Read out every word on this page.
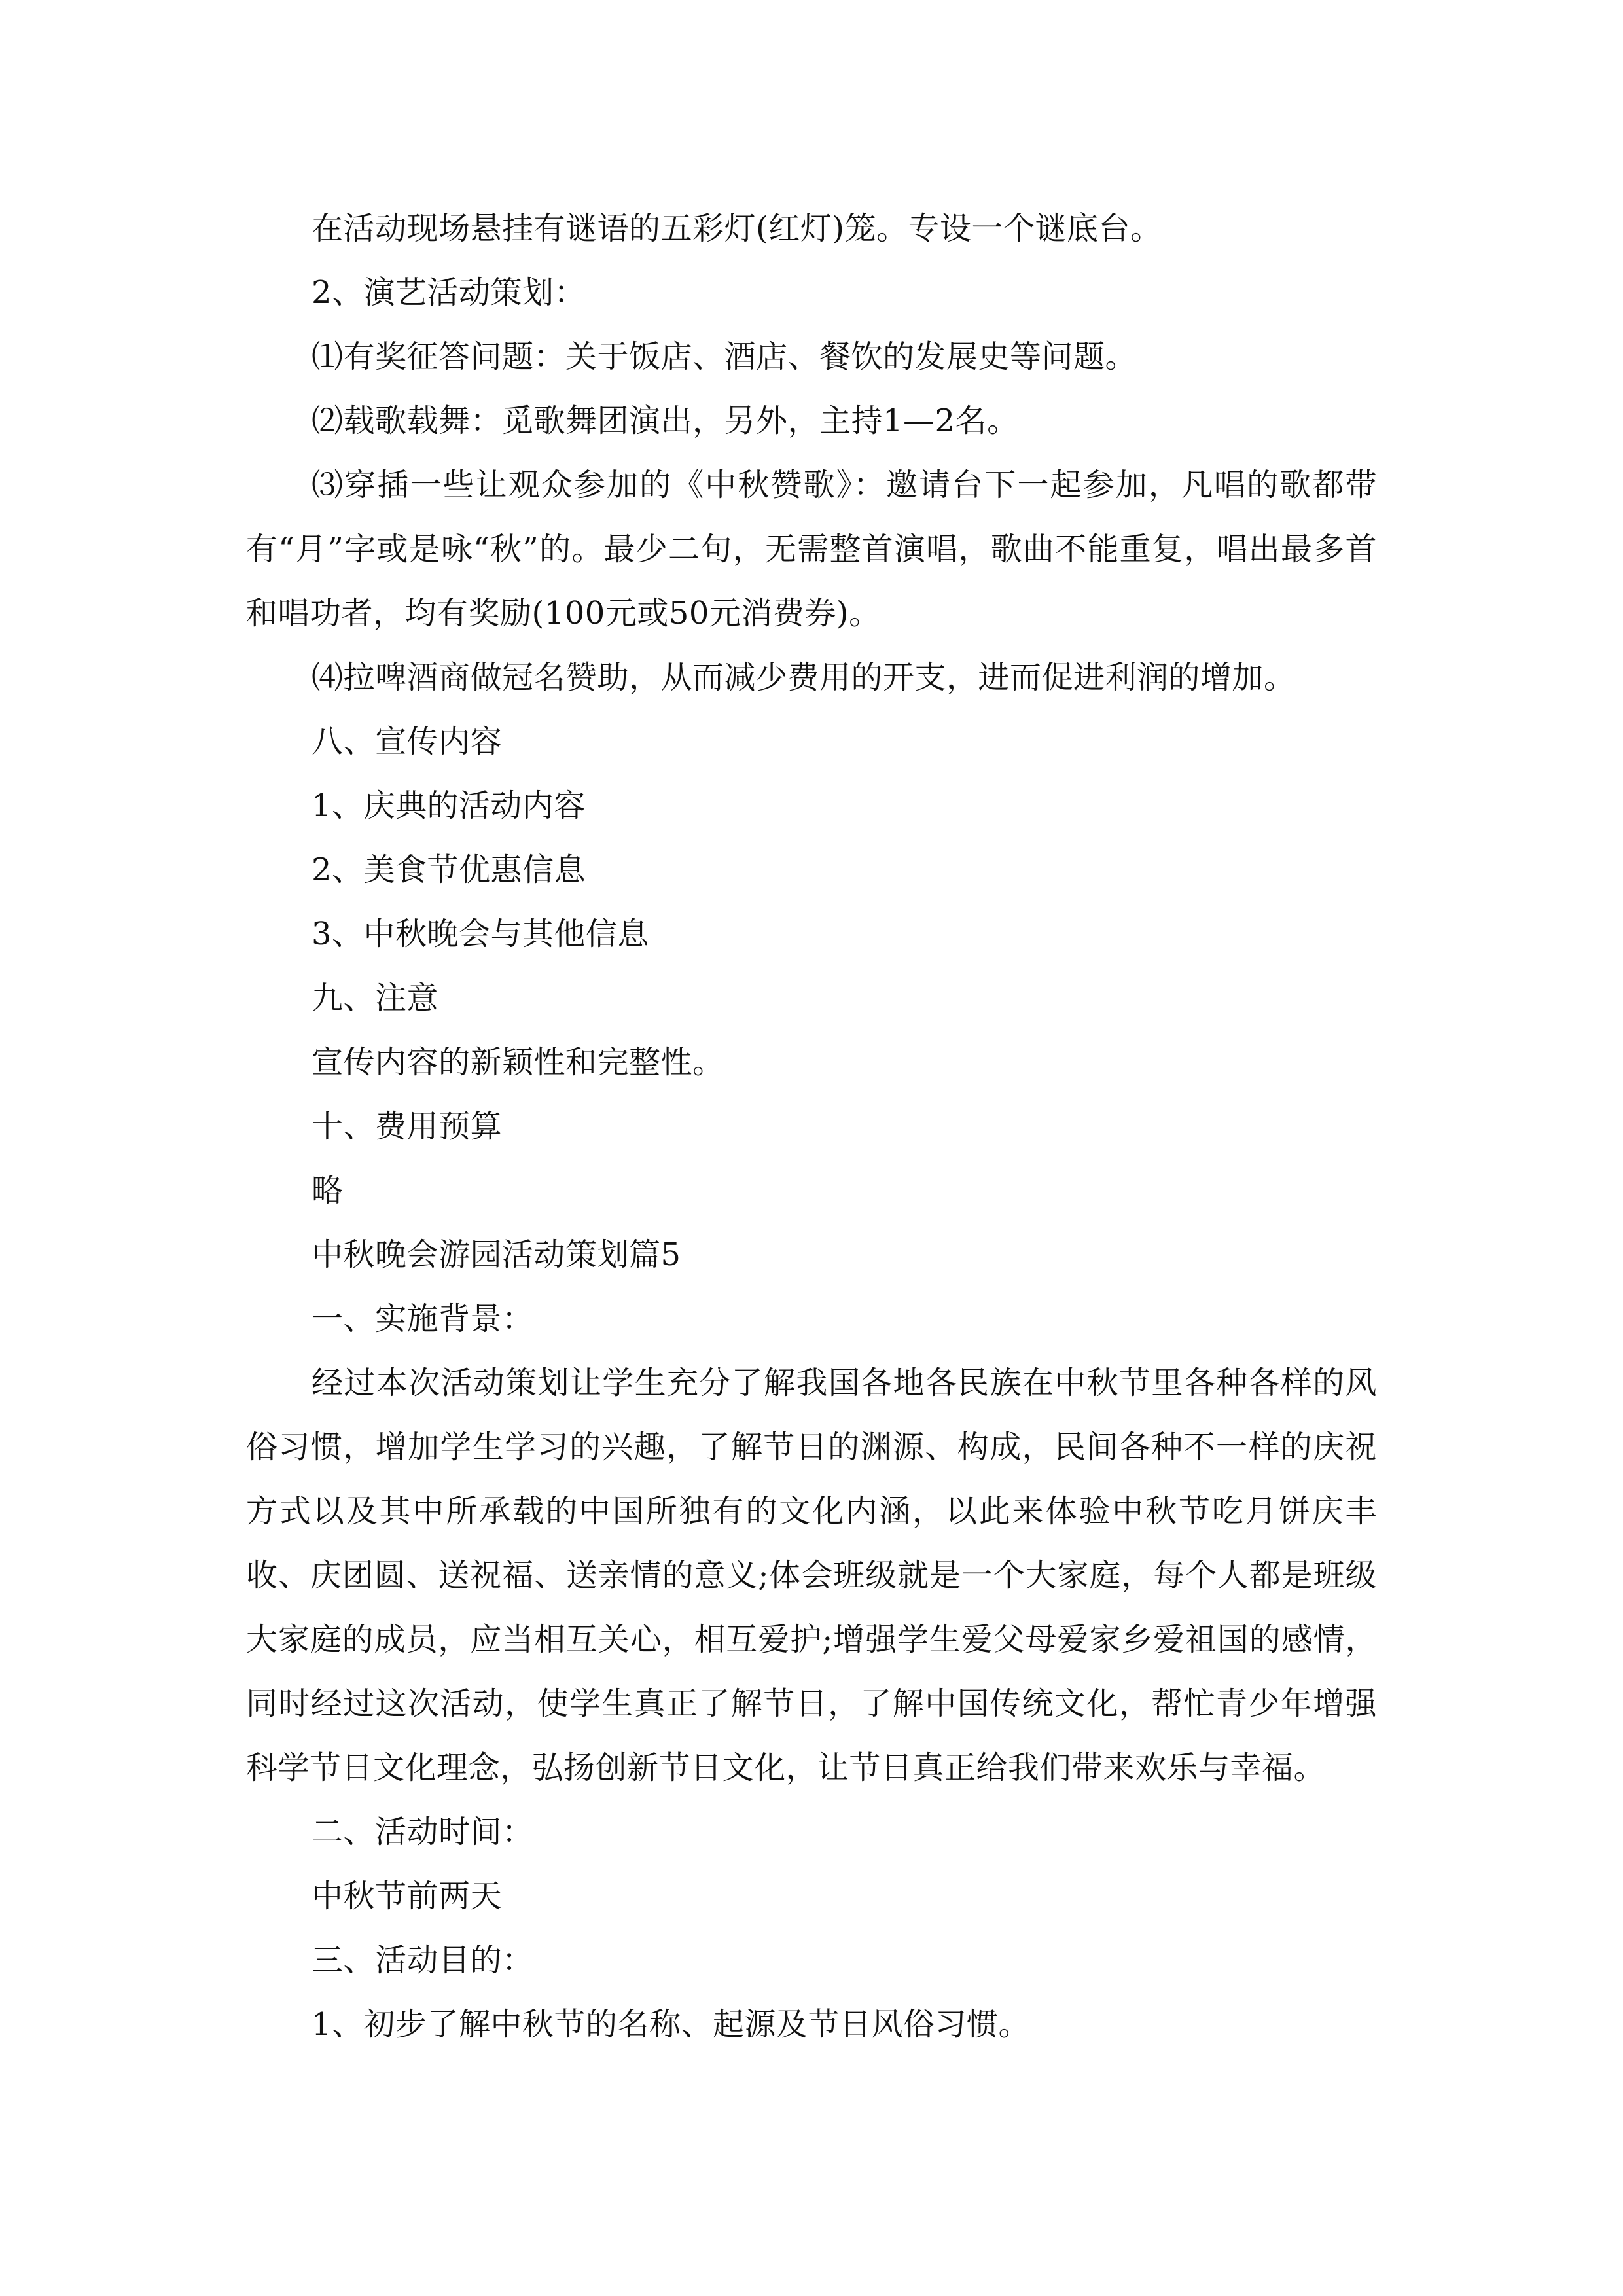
在活动现场悬挂有谜语的五彩灯(红灯)笼。专设一个谜底台。

2、演艺活动策划：

⑴有奖征答问题：关于饭店、酒店、餐饮的发展史等问题。

⑵载歌载舞：觅歌舞团演出，另外，主持1—2名。

⑶穿插一些让观众参加的《中秋赞歌》：邀请台下一起参加，凡唱的歌都带有“月”字或是咏“秋”的。最少二句，无需整首演唱，歌曲不能重复，唱出最多首和唱功者，均有奖励(100元或50元消费券)。

⑷拉啤酒商做冠名赞助，从而减少费用的开支，进而促进利润的增加。

八、宣传内容

1、庆典的活动内容

2、美食节优惠信息

3、中秋晚会与其他信息

九、注意

宣传内容的新颖性和完整性。

十、费用预算

略

中秋晚会游园活动策划篇5

一、实施背景：

经过本次活动策划让学生充分了解我国各地各民族在中秋节里各种各样的风俗习惯，增加学生学习的兴趣，了解节日的渊源、构成，民间各种不一样的庆祝方式以及其中所承载的中国所独有的文化内涵，以此来体验中秋节吃月饼庆丰收、庆团圆、送祝福、送亲情的意义;体会班级就是一个大家庭，每个人都是班级大家庭的成员，应当相互关心，相互爱护;增强学生爱父母爱家乡爱祖国的感情，同时经过这次活动，使学生真正了解节日，了解中国传统文化，帮忙青少年增强科学节日文化理念，弘扬创新节日文化，让节日真正给我们带来欢乐与幸福。

二、活动时间：

中秋节前两天

三、活动目的：

1、初步了解中秋节的名称、起源及节日风俗习惯。
